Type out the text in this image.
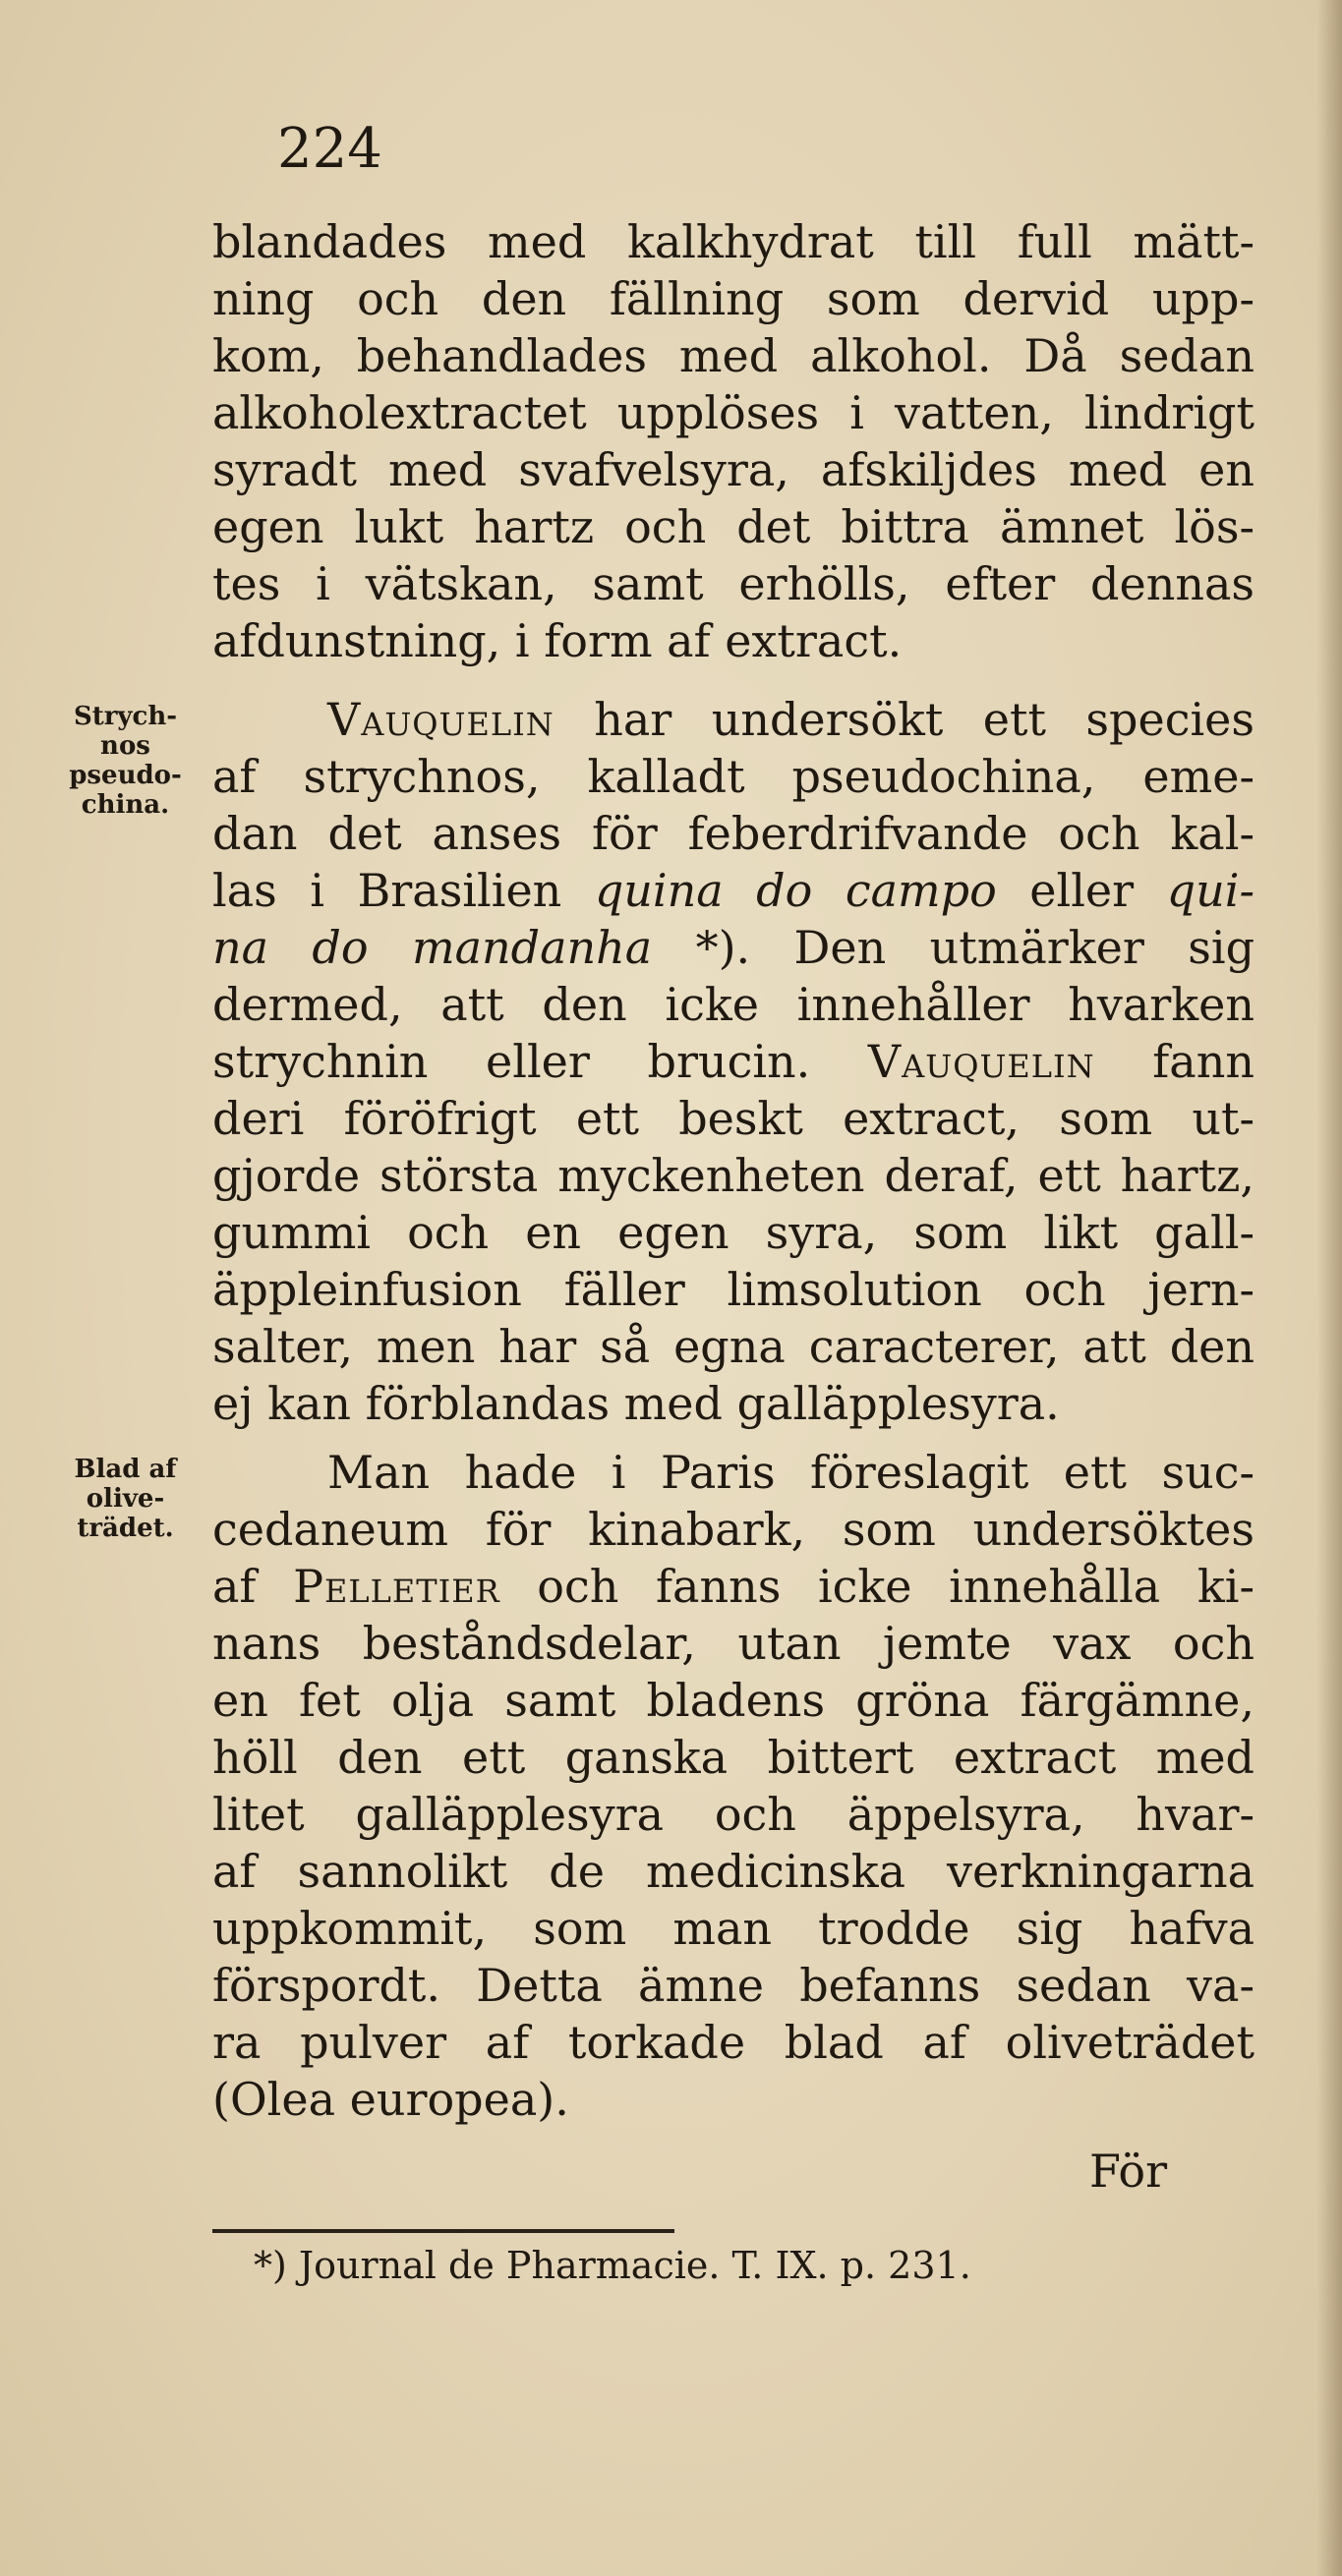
224
blandades med kalkhydrat till full mätt-
ning och den fällning som dervid upp-
kom, behandlades med alkohol. Då sedan
alkoholextractet upplöses i vatten, lindrigt
syradt med svafvelsyra, afskiljdes med en
egen lukt hartz och det bittra ämnet lös-
tes i vätskan, samt erhölls, efter dennas
afdunstning, i form af extract.
Strych-
nos
pseudo-
china.
Vauquelin har undersökt ett species
af strychnos, kalladt pseudochina, eme-
dan det anses för feberdrifvande och kal-
las i Brasilien quina do campo eller qui-
na do mandanha *). Den utmärker sig
dermed, att den icke innehåller hvarken
strychnin eller brucin. Vauquelin fann
deri föröfrigt ett beskt extract, som ut-
gjorde största myckenheten deraf, ett hartz,
gummi och en egen syra, som likt gall-
äppleinfusion fäller limsolution och jern-
salter, men har så egna caracterer, att den
ej kan förblandas med galläpplesyra.
Blad af
olive-
trädet.
Man hade i Paris föreslagit ett suc-
cedaneum för kinabark, som undersöktes
af Pelletier och fanns icke innehålla ki-
nans beståndsdelar, utan jemte vax och
en fet olja samt bladens gröna färgämne,
höll den ett ganska bittert extract med
litet galläpplesyra och äppelsyra, hvar-
af sannolikt de medicinska verkningarna
uppkommit, som man trodde sig hafva
förspordt. Detta ämne befanns sedan va-
ra pulver af torkade blad af oliveträdet
(Olea europea).
För
*) Journal de Pharmacie. T. IX. p. 231.
